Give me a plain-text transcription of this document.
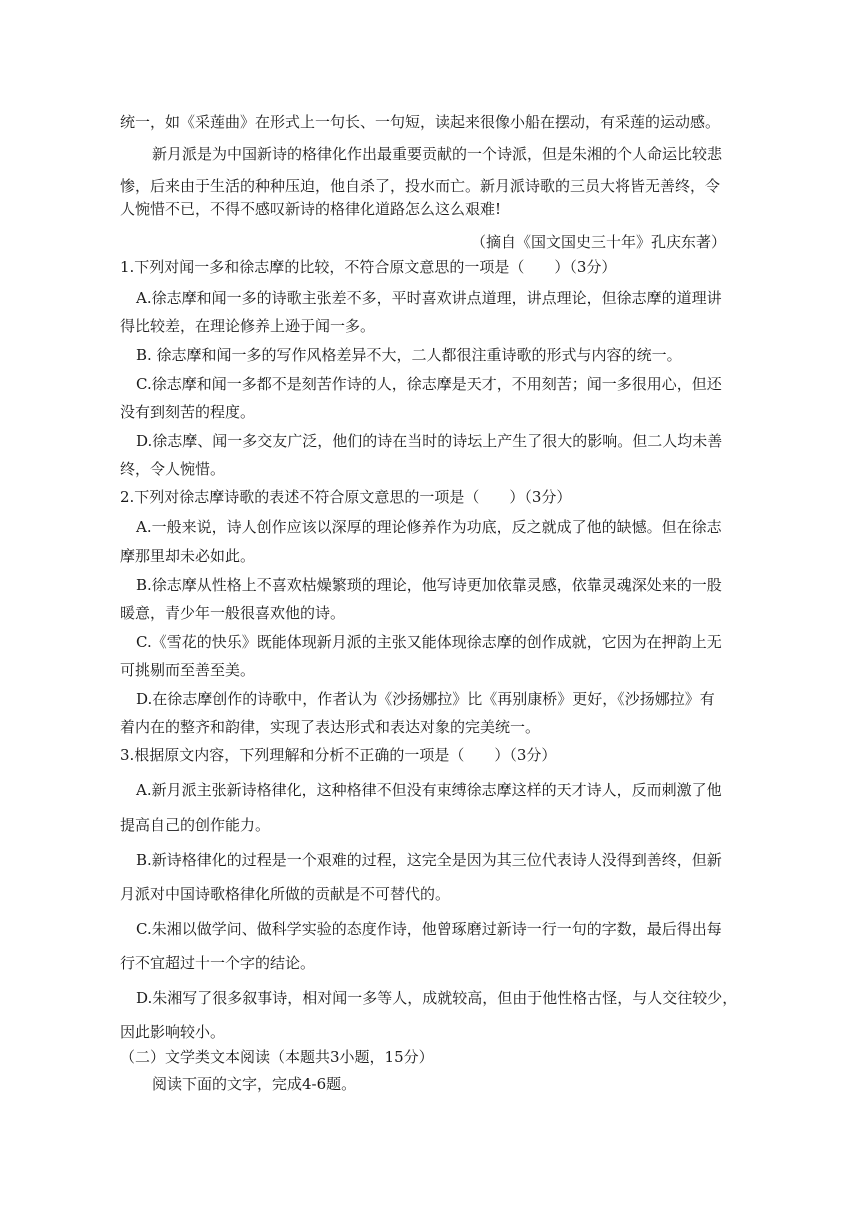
统一，如《采莲曲》在形式上一句长、一句短，读起来很像小船在摆动，有采莲的运动感。
新月派是为中国新诗的格律化作出最重要贡献的一个诗派，但是朱湘的个人命运比较悲
惨，后来由于生活的种种压迫，他自杀了，投水而亡。新月派诗歌的三员大将皆无善终，令
人惋惜不已，不得不感叹新诗的格律化道路怎么这么艰难!
（摘自《国文国史三十年》孔庆东著）
1.下列对闻一多和徐志摩的比较，不符合原文意思的一项是（　　）（3分）
A.徐志摩和闻一多的诗歌主张差不多，平时喜欢讲点道理，讲点理论，但徐志摩的道理讲
得比较差，在理论修养上逊于闻一多。
B. 徐志摩和闻一多的写作风格差异不大，二人都很注重诗歌的形式与内容的统一。
C.徐志摩和闻一多都不是刻苦作诗的人，徐志摩是天才，不用刻苦；闻一多很用心，但还
没有到刻苦的程度。
D.徐志摩、闻一多交友广泛，他们的诗在当时的诗坛上产生了很大的影响。但二人均未善
终，令人惋惜。
2.下列对徐志摩诗歌的表述不符合原文意思的一项是（　　）（3分）
A.一般来说，诗人创作应该以深厚的理论修养作为功底，反之就成了他的缺憾。但在徐志
摩那里却未必如此。
B.徐志摩从性格上不喜欢枯燥繁琐的理论，他写诗更加依靠灵感，依靠灵魂深处来的一股
暖意，青少年一般很喜欢他的诗。
C.《雪花的快乐》既能体现新月派的主张又能体现徐志摩的创作成就，它因为在押韵上无
可挑剔而至善至美。
D.在徐志摩创作的诗歌中，作者认为《沙扬娜拉》比《再别康桥》更好，《沙扬娜拉》有
着内在的整齐和韵律，实现了表达形式和表达对象的完美统一。
3.根据原文内容，下列理解和分析不正确的一项是（　　）（3分）
A.新月派主张新诗格律化，这种格律不但没有束缚徐志摩这样的天才诗人，反而刺激了他
提高自己的创作能力。
B.新诗格律化的过程是一个艰难的过程，这完全是因为其三位代表诗人没得到善终，但新
月派对中国诗歌格律化所做的贡献是不可替代的。
C.朱湘以做学问、做科学实验的态度作诗，他曾琢磨过新诗一行一句的字数，最后得出每
行不宜超过十一个字的结论。
D.朱湘写了很多叙事诗，相对闻一多等人，成就较高，但由于他性格古怪，与人交往较少，
因此影响较小。
（二）文学类文本阅读（本题共3小题，15分）
阅读下面的文字，完成4-6题。
